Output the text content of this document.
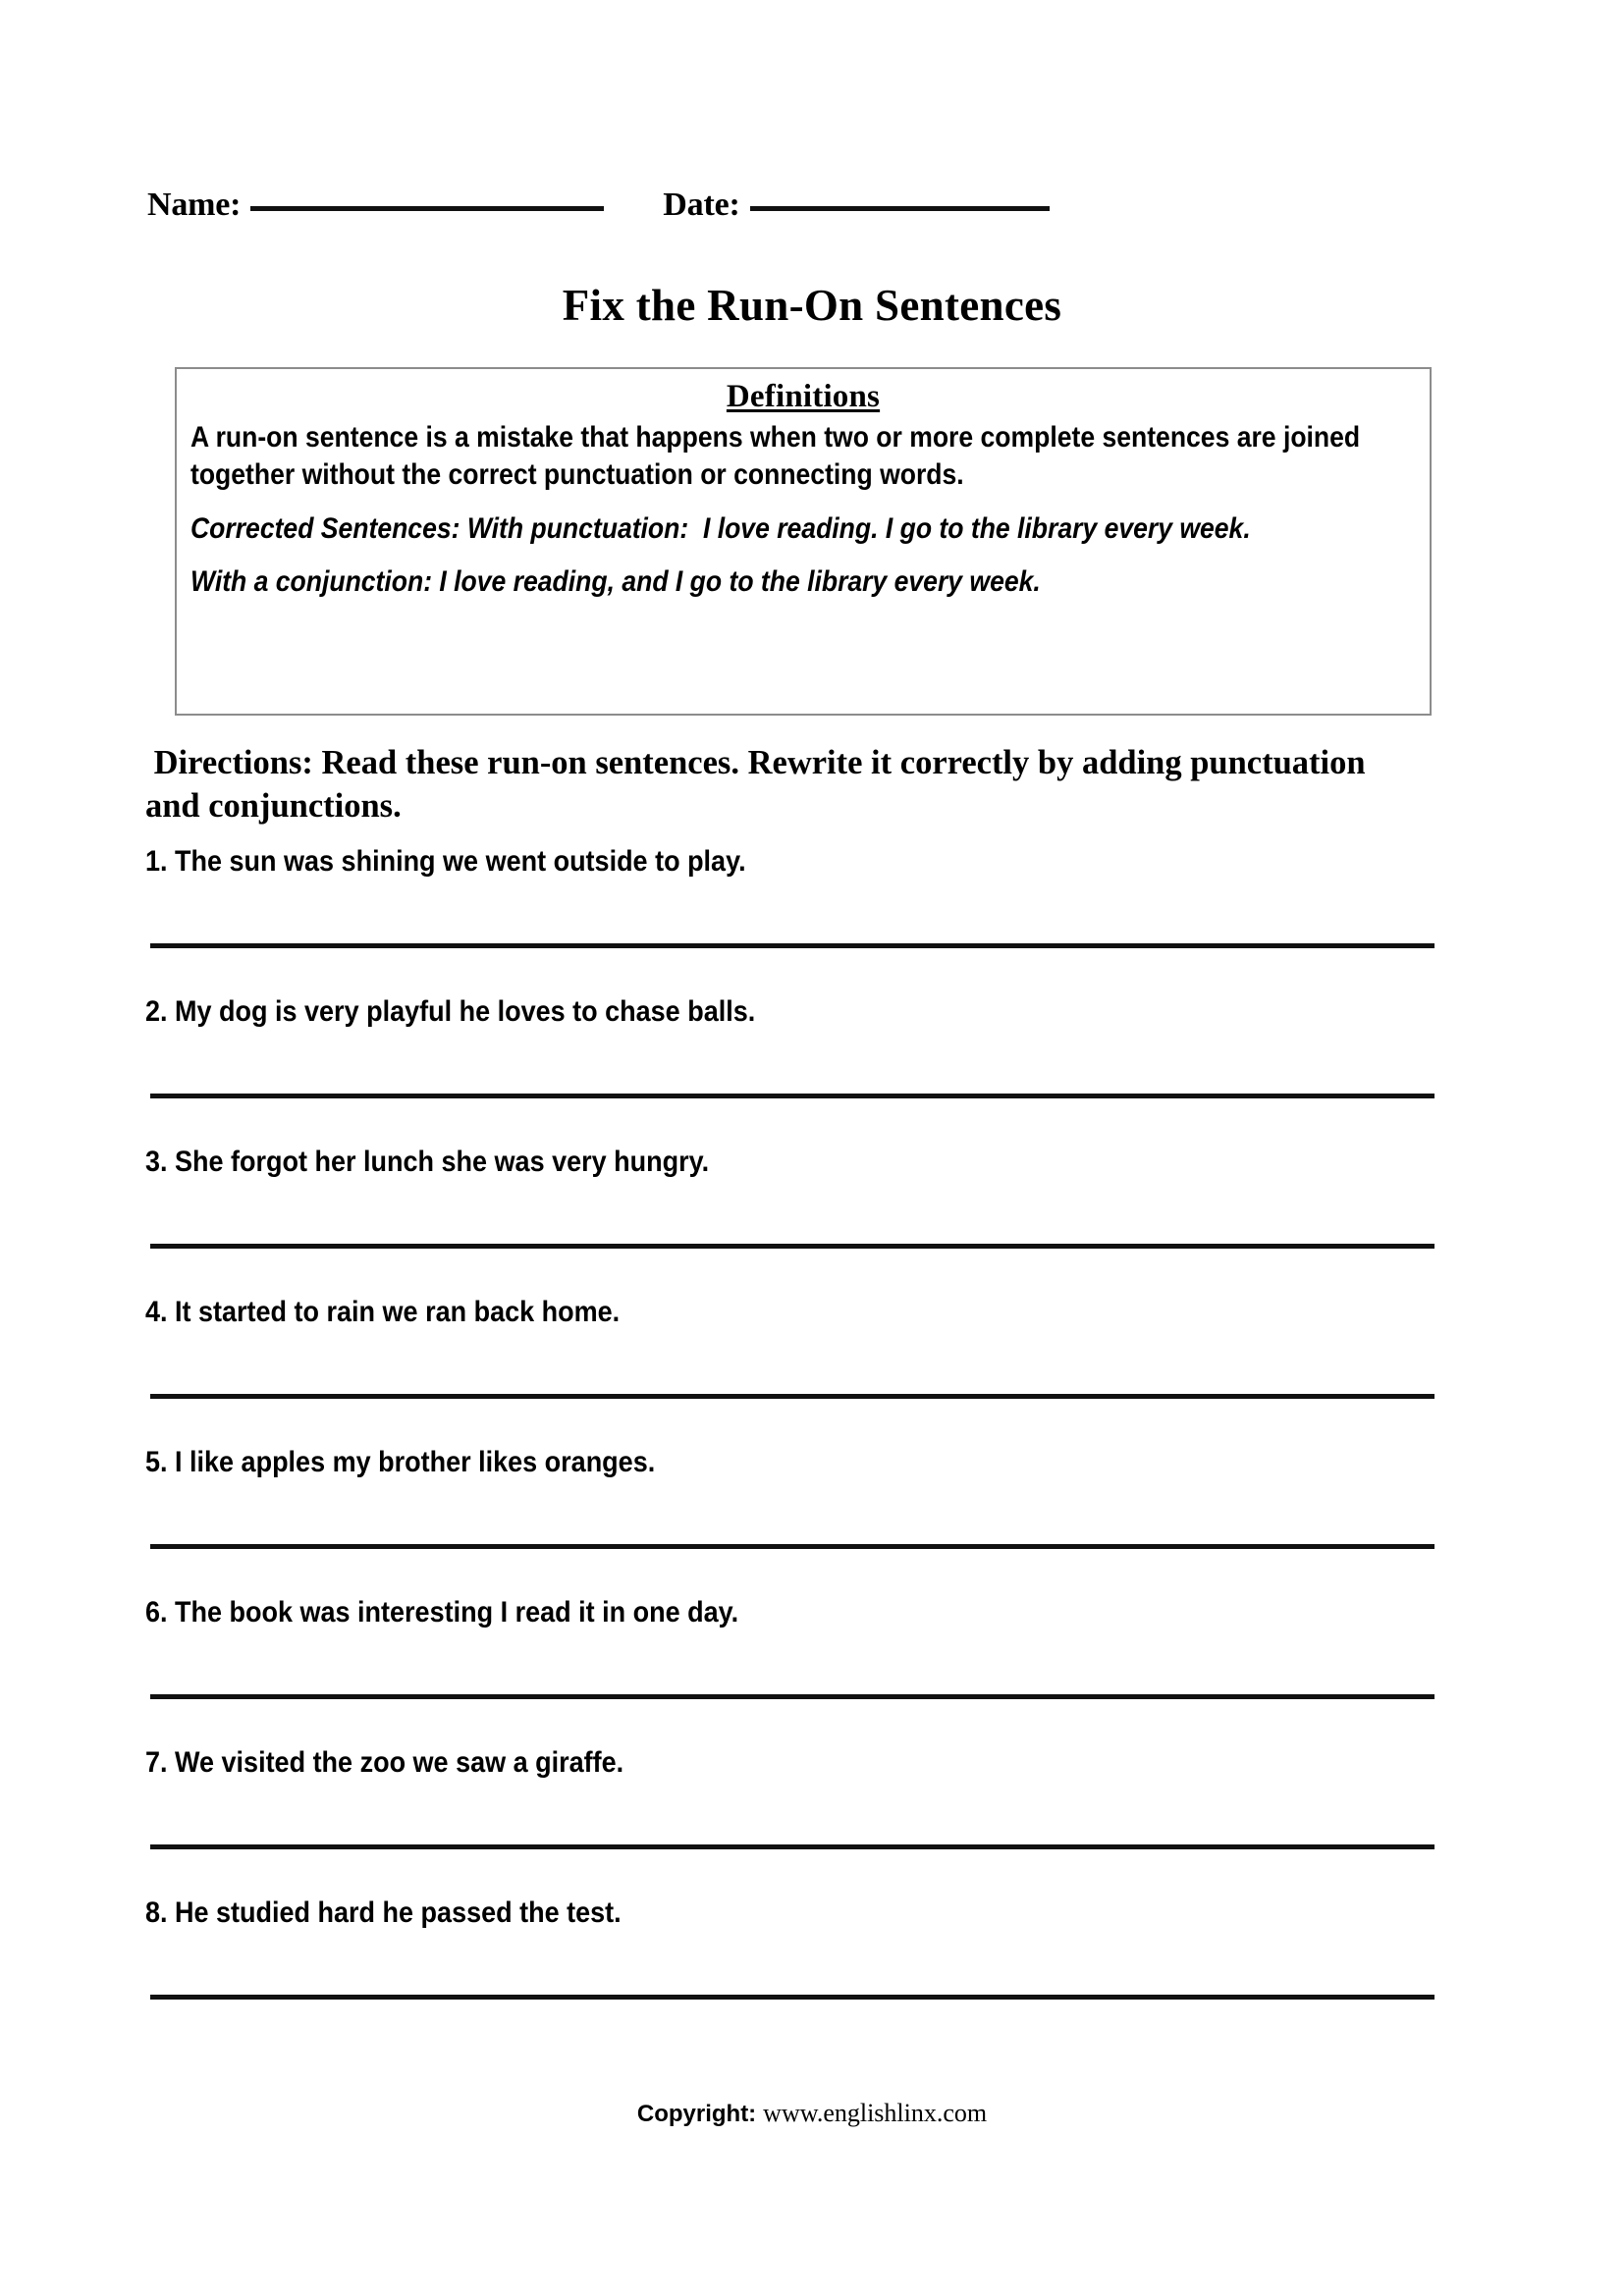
Name:	Date:
Fix the Run-On Sentences
Definitions

A run-on sentence is a mistake that happens when two or more complete sentences are joined together without the correct punctuation or connecting words.

Corrected Sentences: With punctuation:  I love reading. I go to the library every week.

With a conjunction: I love reading, and I go to the library every week.

Directions: Read these run-on sentences. Rewrite it correctly by adding punctuation and conjunctions.
1. The sun was shining we went outside to play.
2. My dog is very playful he loves to chase balls.
3. She forgot her lunch she was very hungry.
4. It started to rain we ran back home.
5. I like apples my brother likes oranges.
6. The book was interesting I read it in one day.
7. We visited the zoo we saw a giraffe.
8. He studied hard he passed the test.
Copyright: www.englishlinx.com
